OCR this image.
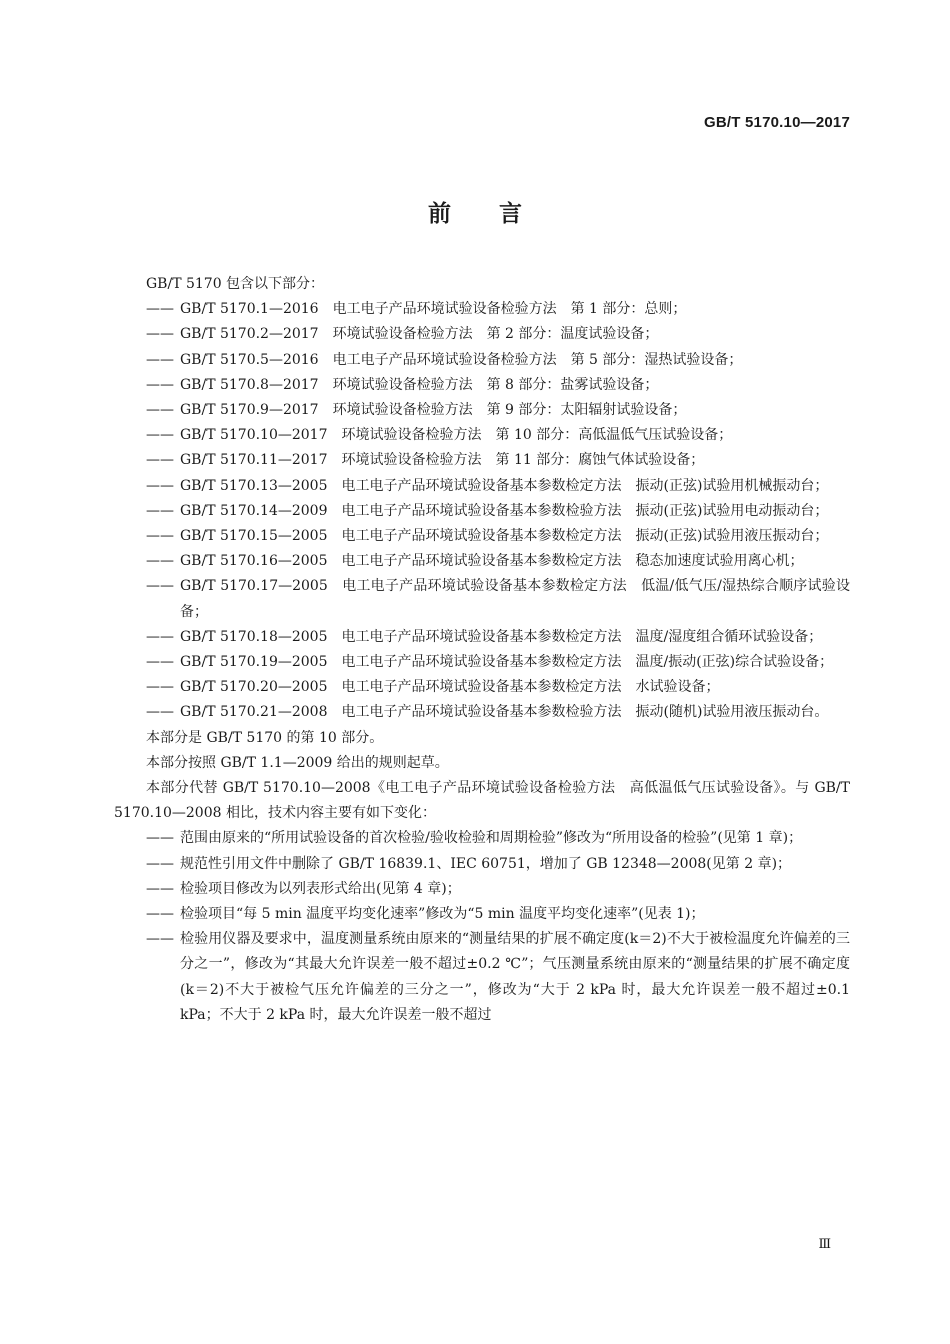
GB/T 5170.10—2017
前言

GB/T 5170 包含以下部分：

—— GB/T 5170.1—2016　电工电子产品环境试验设备检验方法　第 1 部分：总则；
—— GB/T 5170.2—2017　环境试验设备检验方法　第 2 部分：温度试验设备；
—— GB/T 5170.5—2016　电工电子产品环境试验设备检验方法　第 5 部分：湿热试验设备；
—— GB/T 5170.8—2017　环境试验设备检验方法　第 8 部分：盐雾试验设备；
—— GB/T 5170.9—2017　环境试验设备检验方法　第 9 部分：太阳辐射试验设备；
—— GB/T 5170.10—2017　环境试验设备检验方法　第 10 部分：高低温低气压试验设备；
—— GB/T 5170.11—2017　环境试验设备检验方法　第 11 部分：腐蚀气体试验设备；
—— GB/T 5170.13—2005　电工电子产品环境试验设备基本参数检定方法　振动(正弦)试验用机械振动台；
—— GB/T 5170.14—2009　电工电子产品环境试验设备基本参数检验方法　振动(正弦)试验用电动振动台；
—— GB/T 5170.15—2005　电工电子产品环境试验设备基本参数检定方法　振动(正弦)试验用液压振动台；
—— GB/T 5170.16—2005　电工电子产品环境试验设备基本参数检定方法　稳态加速度试验用离心机；
—— GB/T 5170.17—2005　电工电子产品环境试验设备基本参数检定方法　低温/低气压/湿热综合顺序试验设备；
—— GB/T 5170.18—2005　电工电子产品环境试验设备基本参数检定方法　温度/湿度组合循环试验设备；
—— GB/T 5170.19—2005　电工电子产品环境试验设备基本参数检定方法　温度/振动(正弦)综合试验设备；
—— GB/T 5170.20—2005　电工电子产品环境试验设备基本参数检定方法　水试验设备；
—— GB/T 5170.21—2008　电工电子产品环境试验设备基本参数检验方法　振动(随机)试验用液压振动台。

本部分是 GB/T 5170 的第 10 部分。

本部分按照 GB/T 1.1—2009 给出的规则起草。

本部分代替 GB/T 5170.10—2008《电工电子产品环境试验设备检验方法　高低温低气压试验设备》。与 GB/T 5170.10—2008 相比，技术内容主要有如下变化：

—— 范围由原来的“所用试验设备的首次检验/验收检验和周期检验”修改为“所用设备的检验”(见第 1 章)；
—— 规范性引用文件中删除了 GB/T 16839.1、IEC 60751，增加了 GB 12348—2008(见第 2 章)；
—— 检验项目修改为以列表形式给出(见第 4 章)；
—— 检验项目“每 5 min 温度平均变化速率”修改为“5 min 温度平均变化速率”(见表 1)；
—— 检验用仪器及要求中，温度测量系统由原来的“测量结果的扩展不确定度(k＝2)不大于被检温度允许偏差的三分之一”，修改为“其最大允许误差一般不超过±0.2 ℃”；气压测量系统由原来的“测量结果的扩展不确定度(k＝2)不大于被检气压允许偏差的三分之一”，修改为“大于 2 kPa 时，最大允许误差一般不超过±0.1 kPa；不大于 2 kPa 时，最大允许误差一般不超过
Ⅲ
